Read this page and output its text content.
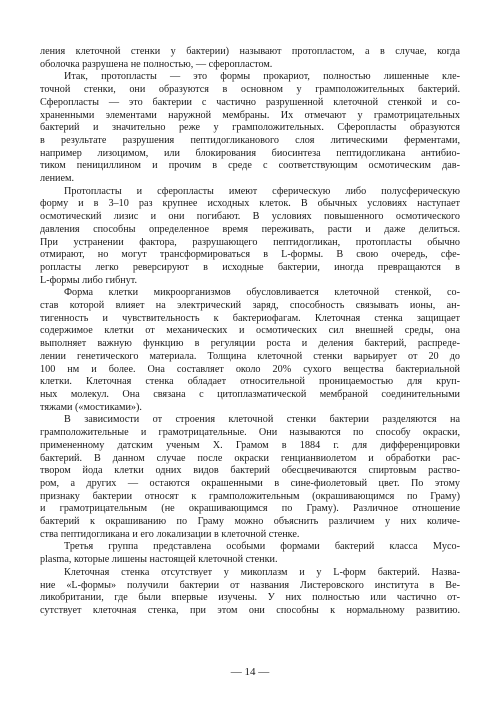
ления клеточной стенки у бактерии) называют протопластом, а в случае, когда
оболочка разрушена не полностью, — сферопластом.

Итак, протопласты — это формы прокариот, полностью лишенные кле-
точной стенки, они образуются в основном у грамположительных бактерий.
Сферопласты — это бактерии с частично разрушенной клеточной стенкой и со-
храненными элементами наружной мембраны. Их отмечают у грамотрицательных
бактерий и значительно реже у грамположительных. Сферопласты образуются
в результате разрушения пептидогликанового слоя литическими ферментами,
например лизоцимом, или блокирования биосинтеза пептидогликана антибио-
тиком пенициллином и прочим в среде с соответствующим осмотическим дав-
лением.

Протопласты и сферопласты имеют сферическую либо полусферическую
форму и в 3–10 раз крупнее исходных клеток. В обычных условиях наступает
осмотический лизис и они погибают. В условиях повышенного осмотического
давления способны определенное время переживать, расти и даже делиться.
При устранении фактора, разрушающего пептидогликан, протопласты обычно
отмирают, но могут трансформироваться в L-формы. В свою очередь, сфе-
ропласты легко реверсируют в исходные бактерии, иногда превращаются в
L-формы либо гибнут.

Форма клетки микроорганизмов обусловливается клеточной стенкой, со-
став которой влияет на электрический заряд, способность связывать ионы, ан-
тигенность и чувствительность к бактериофагам. Клеточная стенка защищает
содержимое клетки от механических и осмотических сил внешней среды, она
выполняет важную функцию в регуляции роста и деления бактерий, распреде-
лении генетического материала. Толщина клеточной стенки варьирует от 20 до
100 нм и более. Она составляет около 20% сухого вещества бактериальной
клетки. Клеточная стенка обладает относительной проницаемостью для круп-
ных молекул. Она связана с цитоплазматической мембраной соединительными
тяжами («мостиками»).

В зависимости от строения клеточной стенки бактерии разделяются на
грамположительные и грамотрицательные. Они называются по способу окраски,
примененному датским ученым Х. Грамом в 1884 г. для дифференцировки
бактерий. В данном случае после окраски генцианвиолетом и обработки рас-
твором йода клетки одних видов бактерий обесцвечиваются спиртовым раство-
ром, а других — остаются окрашенными в сине-фиолетовый цвет. По этому
признаку бактерии относят к грамположительным (окрашивающимся по Граму)
и грамотрицательным (не окрашивающимся по Граму). Различное отношение
бактерий к окрашиванию по Граму можно объяснить различием у них количе-
ства пептидогликана и его локализации в клеточной стенке.

Третья группа представлена особыми формами бактерий класса Myco-
plasma, которые лишены настоящей клеточной стенки.

Клеточная стенка отсутствует у микоплазм и у L-форм бактерий. Назва-
ние «L-формы» получили бактерии от названия Листеровского института в Ве-
ликобритании, где были впервые изучены. У них полностью или частично от-
сутствует клеточная стенка, при этом они способны к нормальному развитию.

— 14 —
